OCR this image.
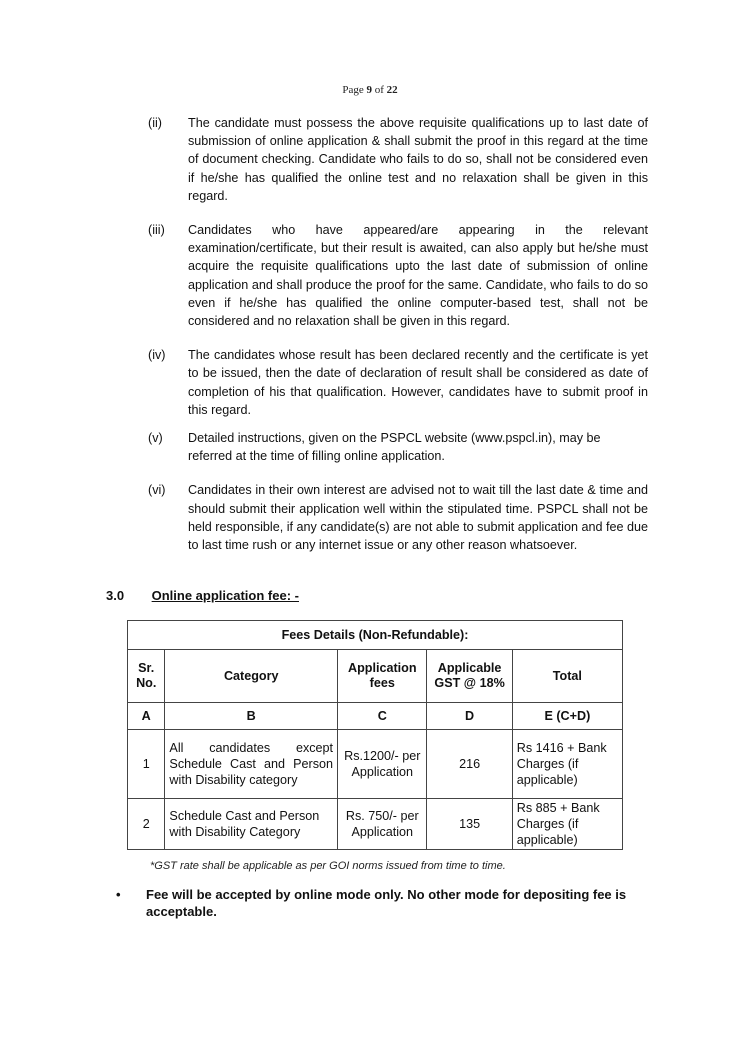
Page 9 of 22
(ii) The candidate must possess the above requisite qualifications up to last date of submission of online application & shall submit the proof in this regard at the time of document checking. Candidate who fails to do so, shall not be considered even if he/she has qualified the online test and no relaxation shall be given in this regard.
(iii) Candidates who have appeared/are appearing in the relevant examination/certificate, but their result is awaited, can also apply but he/she must acquire the requisite qualifications upto the last date of submission of online application and shall produce the proof for the same. Candidate, who fails to do so even if he/she has qualified the online computer-based test, shall not be considered and no relaxation shall be given in this regard.
(iv) The candidates whose result has been declared recently and the certificate is yet to be issued, then the date of declaration of result shall be considered as date of completion of his that qualification. However, candidates have to submit proof in this regard.
(v) Detailed instructions, given on the PSPCL website (www.pspcl.in), may be referred at the time of filling online application.
(vi) Candidates in their own interest are advised not to wait till the last date & time and should submit their application well within the stipulated time. PSPCL shall not be held responsible, if any candidate(s) are not able to submit application and fee due to last time rush or any internet issue or any other reason whatsoever.
3.0 Online application fee: -
Fees Details (Non-Refundable):				
Sr. No.	Category	Application fees	Applicable GST @ 18%	Total
A	B	C	D	E (C+D)
1	All candidates except Schedule Cast and Person with Disability category	Rs.1200/- per Application	216	Rs 1416 + Bank Charges (if applicable)
2	Schedule Cast and Person with Disability Category	Rs. 750/- per Application	135	Rs 885 + Bank Charges (if applicable)
*GST rate shall be applicable as per GOI norms issued from time to time.
•	Fee will be accepted by online mode only. No other mode for depositing fee is acceptable.
